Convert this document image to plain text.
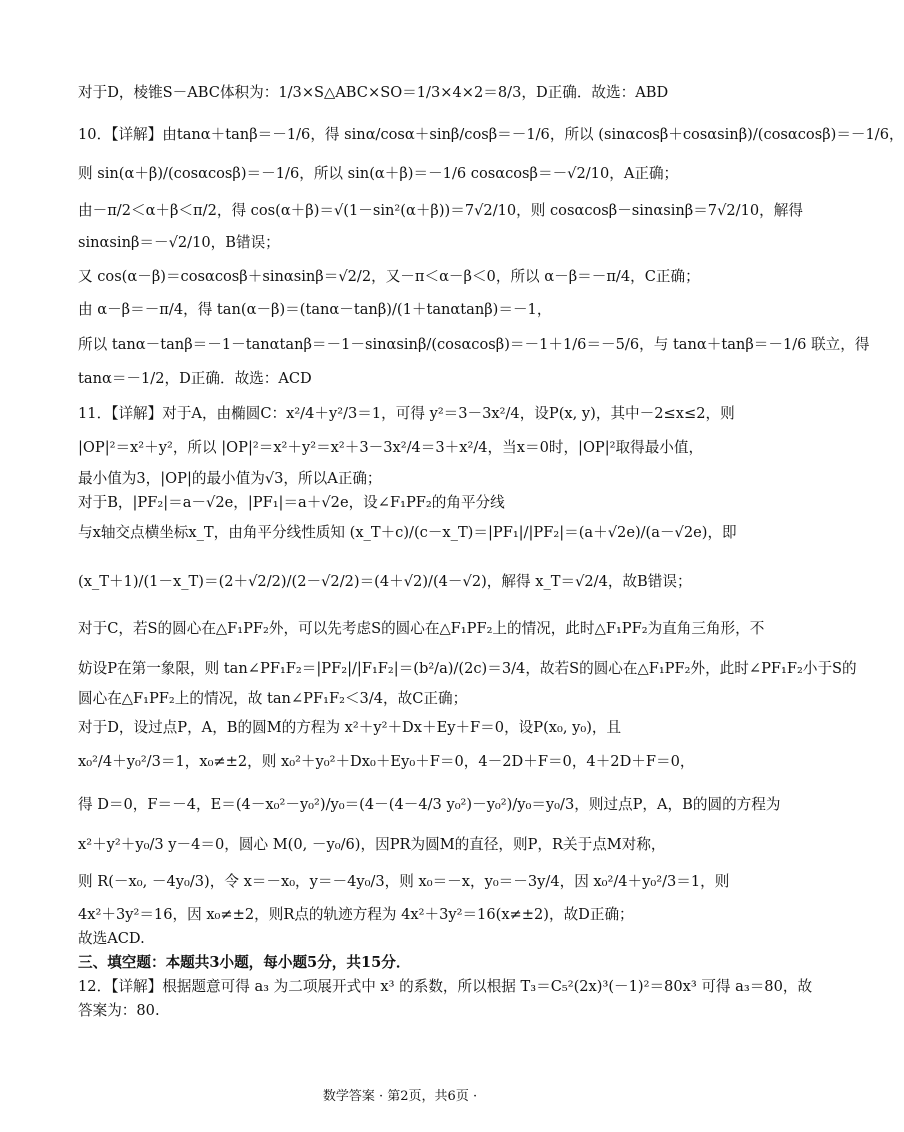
对于D，棱锥S－ABC体积为：1/3×S△ABC×SO＝1/3×4×2＝8/3，D正确．故选：ABD
10．【详解】由tanα＋tanβ＝－1/6，得 sinα/cosα＋sinβ/cosβ＝－1/6，所以 (sinαcosβ＋cosαsinβ)/(cosαcosβ)＝－1/6，
则 sin(α＋β)/(cosαcosβ)＝－1/6，所以 sin(α＋β)＝－1/6 cosαcosβ＝－√2/10，A正确；
由－π/2＜α＋β＜π/2，得 cos(α＋β)＝√(1－sin²(α＋β))＝7√2/10，则 cosαcosβ－sinαsinβ＝7√2/10，解得
sinαsinβ＝－√2/10，B错误；
又 cos(α－β)＝cosαcosβ＋sinαsinβ＝√2/2，又－π＜α－β＜0，所以 α－β＝－π/4，C正确；
由 α－β＝－π/4，得 tan(α－β)＝(tanα－tanβ)/(1＋tanαtanβ)＝－1，
所以 tanα－tanβ＝－1－tanαtanβ＝－1－sinαsinβ/(cosαcosβ)＝－1＋1/6＝－5/6，与 tanα＋tanβ＝－1/6 联立，得
tanα＝－1/2，D正确．故选：ACD
11．【详解】对于A，由椭圆C：x²/4＋y²/3＝1，可得 y²＝3－3x²/4，设P(x, y)，其中－2≤x≤2，则
|OP|²＝x²＋y²，所以 |OP|²＝x²＋y²＝x²＋3－3x²/4＝3＋x²/4，当x＝0时，|OP|²取得最小值，
最小值为3，|OP|的最小值为√3，所以A正确；
对于B，|PF₂|＝a－√2e，|PF₁|＝a＋√2e，设∠F₁PF₂的角平分线
与x轴交点横坐标x_T，由角平分线性质知 (x_T＋c)/(c－x_T)＝|PF₁|/|PF₂|＝(a＋√2e)/(a－√2e)，即
(x_T＋1)/(1－x_T)＝(2＋√2/2)/(2－√2/2)＝(4＋√2)/(4－√2)，解得 x_T＝√2/4，故B错误；
对于C，若S的圆心在△F₁PF₂外，可以先考虑S的圆心在△F₁PF₂上的情况，此时△F₁PF₂为直角三角形，不
妨设P在第一象限，则 tan∠PF₁F₂＝|PF₂|/|F₁F₂|＝(b²/a)/(2c)＝3/4，故若S的圆心在△F₁PF₂外，此时∠PF₁F₂小于S的
圆心在△F₁PF₂上的情况，故 tan∠PF₁F₂＜3/4，故C正确；
对于D，设过点P，A，B的圆M的方程为 x²＋y²＋Dx＋Ey＋F＝0，设P(x₀, y₀)，且
x₀²/4＋y₀²/3＝1，x₀≠±2，则 x₀²＋y₀²＋Dx₀＋Ey₀＋F＝0，4－2D＋F＝0，4＋2D＋F＝0，
得 D＝0，F＝－4，E＝(4－x₀²－y₀²)/y₀＝(4－(4－4/3 y₀²)－y₀²)/y₀＝y₀/3，则过点P，A，B的圆的方程为
x²＋y²＋y₀/3 y－4＝0，圆心 M(0, －y₀/6)，因PR为圆M的直径，则P，R关于点M对称，
则 R(－x₀, －4y₀/3)，令 x＝－x₀，y＝－4y₀/3，则 x₀＝－x，y₀＝－3y/4，因 x₀²/4＋y₀²/3＝1，则
4x²＋3y²＝16，因 x₀≠±2，则R点的轨迹方程为 4x²＋3y²＝16(x≠±2)，故D正确；
故选ACD.
三、填空题：本题共3小题，每小题5分，共15分．
12．【详解】根据题意可得 a₃ 为二项展开式中 x³ 的系数，所以根据 T₃＝C₅²(2x)³(－1)²＝80x³ 可得 a₃＝80，故
答案为：80.
数学答案 · 第2页，共6页 ·
